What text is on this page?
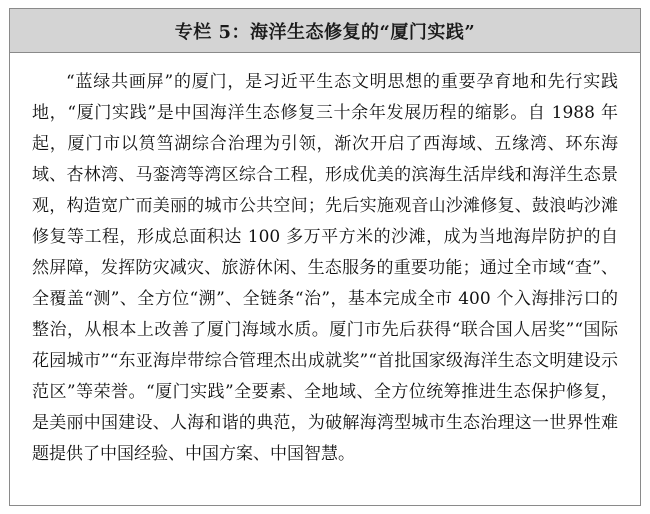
专栏 5：海洋生态修复的“厦门实践”

“蓝绿共画屏”的厦门，是习近平生态文明思想的重要孕育地和先行实践地，“厦门实践”是中国海洋生态修复三十余年发展历程的缩影。自 1988 年起，厦门市以筼筜湖综合治理为引领，渐次开启了西海域、五缘湾、环东海域、杏林湾、马銮湾等湾区综合工程，形成优美的滨海生活岸线和海洋生态景观，构造宽广而美丽的城市公共空间；先后实施观音山沙滩修复、鼓浪屿沙滩修复等工程，形成总面积达 100 多万平方米的沙滩，成为当地海岸防护的自然屏障，发挥防灾减灾、旅游休闲、生态服务的重要功能；通过全市域“查”、全覆盖“测”、全方位“溯”、全链条“治”，基本完成全市 400 个入海排污口的整治，从根本上改善了厦门海域水质。厦门市先后获得“联合国人居奖”“国际花园城市”“东亚海岸带综合管理杰出成就奖”“首批国家级海洋生态文明建设示范区”等荣誉。“厦门实践”全要素、全地域、全方位统筹推进生态保护修复，是美丽中国建设、人海和谐的典范，为破解海湾型城市生态治理这一世界性难题提供了中国经验、中国方案、中国智慧。
